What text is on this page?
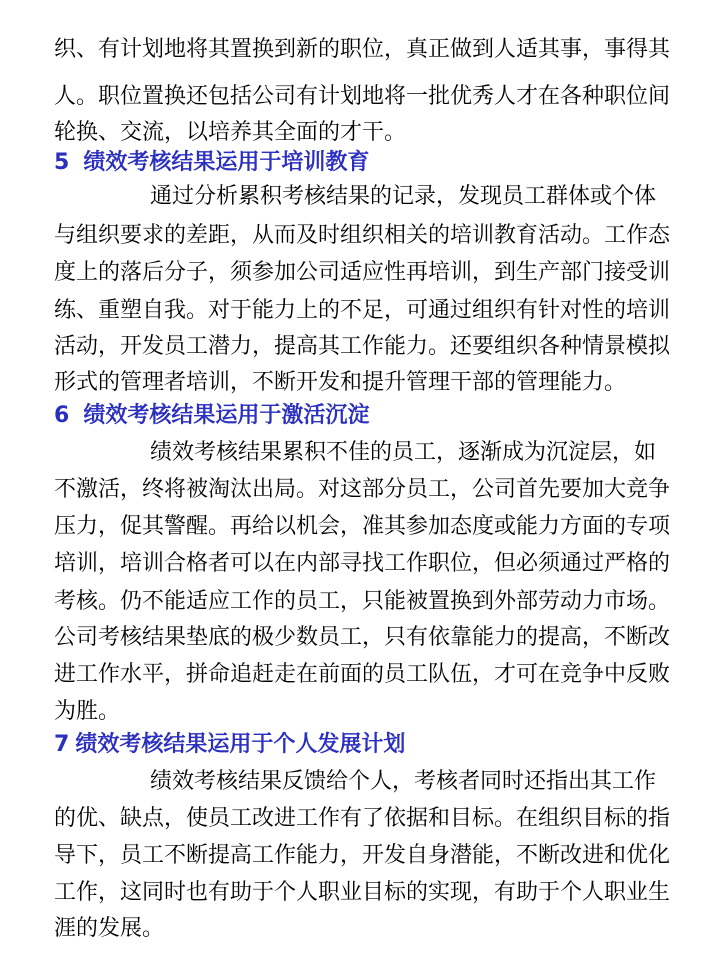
织、有计划地将其置换到新的职位，真正做到人适其事，事得其
人。职位置换还包括公司有计划地将一批优秀人才在各种职位间
轮换、交流，以培养其全面的才干。
5 绩效考核结果运用于培训教育
通过分析累积考核结果的记录，发现员工群体或个体
与组织要求的差距，从而及时组织相关的培训教育活动。工作态
度上的落后分子，须参加公司适应性再培训，到生产部门接受训
练、重塑自我。对于能力上的不足，可通过组织有针对性的培训
活动，开发员工潜力，提高其工作能力。还要组织各种情景模拟
形式的管理者培训，不断开发和提升管理干部的管理能力。
6 绩效考核结果运用于激活沉淀
绩效考核结果累积不佳的员工，逐渐成为沉淀层，如
不激活，终将被淘汰出局。对这部分员工，公司首先要加大竞争
压力，促其警醒。再给以机会，准其参加态度或能力方面的专项
培训，培训合格者可以在内部寻找工作职位，但必须通过严格的
考核。仍不能适应工作的员工，只能被置换到外部劳动力市场。
公司考核结果垫底的极少数员工，只有依靠能力的提高，不断改
进工作水平，拼命追赶走在前面的员工队伍，才可在竞争中反败
为胜。
7 绩效考核结果运用于个人发展计划
绩效考核结果反馈给个人，考核者同时还指出其工作
的优、缺点，使员工改进工作有了依据和目标。在组织目标的指
导下，员工不断提高工作能力，开发自身潜能，不断改进和优化
工作，这同时也有助于个人职业目标的实现，有助于个人职业生
涯的发展。
